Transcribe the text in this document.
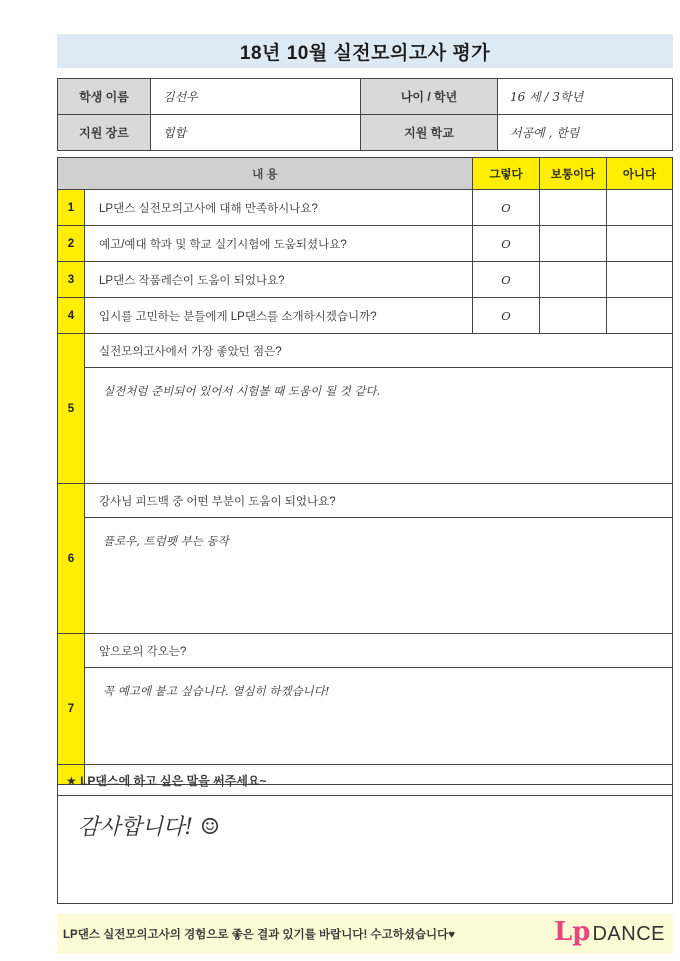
18년 10월 실전모의고사 평가
학생 이름	김선우	나이 / 학년	16 세 / 3학년
지원 장르	힙합	지원 학교	서공예 , 한림
내 용		그렇다	보통이다	아니다
1	LP댄스 실전모의고사에 대해 만족하시나요?	O		
2	예고/예대 학과 및 학교 실기시험에 도움되셨나요?	O		
3	LP댄스 작품레슨이 도움이 되었나요?	O		
4	입시를 고민하는 분들에게 LP댄스를 소개하시겠습니까?	O		
5	실전모의고사에서 가장 좋았던 점은?			
	실전처럼 준비되어 있어서 시험볼 때 도움이 될 것 같다.			
6	강사님 피드백 중 어떤 부분이 도움이 되었나요?			
	플로우, 트럼펫 부는 동작			
7	앞으로의 각오는?			
	꼭 예고에 붙고 싶습니다. 열심히 하겠습니다!			
★ LP댄스에 하고 싶은 말을 써주세요~
감사합니다! ☺
LP댄스 실전모의고사의 경험으로 좋은 결과 있기를 바랍니다! 수고하셨습니다♥	Lp DANCE
